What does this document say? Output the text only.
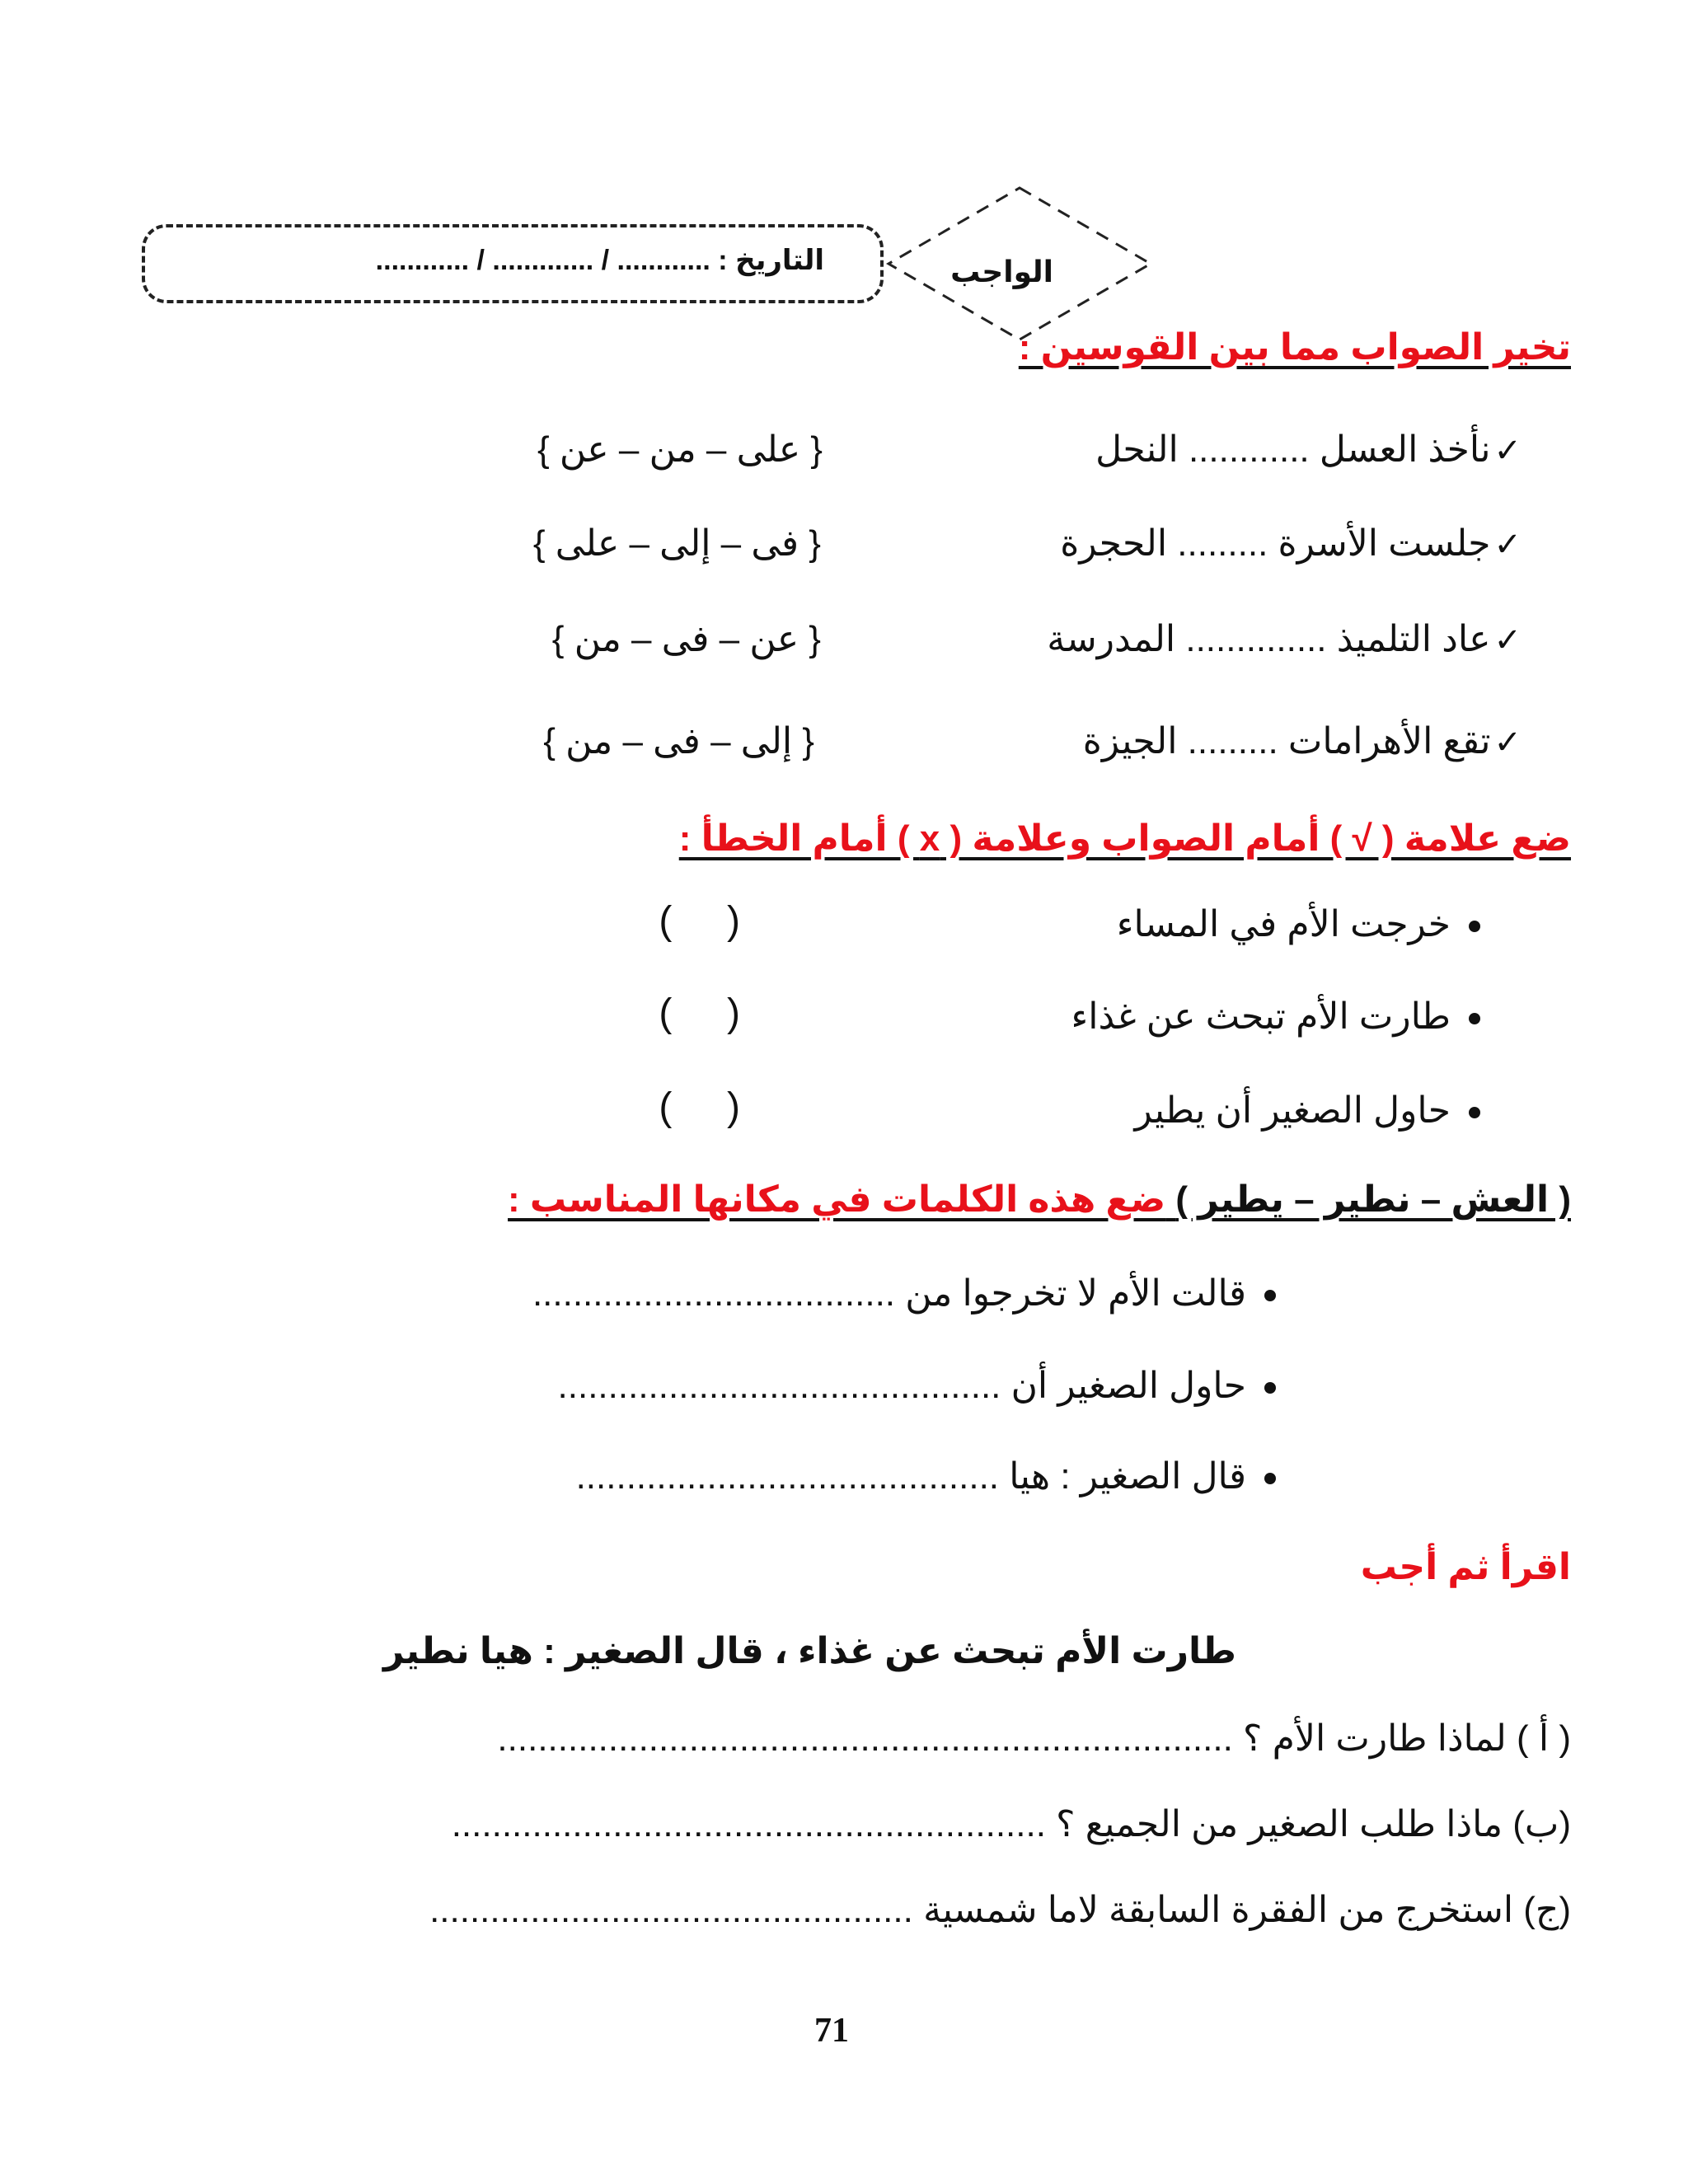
التاريخ : ............ / ............. / ............	الواجب
تخير الصواب مما بين القوسين :
✓نأخذ العسل ............ النحل
{ على – من – عن }
✓جلست الأسرة ......... الحجرة
{ فى – إلى – على }
✓عاد التلميذ .............. المدرسة
{ عن – فى – من }
✓تقع الأهرامات ......... الجيزة
{ إلى – فى – من }
ضع علامة ( √ ) أمام الصواب وعلامة ( x ) أمام الخطأ :
خرجت الأم في المساء
(     )
طارت الأم تبحث عن غذاء
(     )
حاول الصغير أن يطير
(     )
( العش – نطير – يطير ) ضع هذه الكلمات في مكانها المناسب :
قالت الأم لا تخرجوا من ....................................
حاول الصغير أن ............................................
قال الصغير : هيا ..........................................
اقرأ ثم أجب
طارت الأم تبحث عن غذاء ، قال الصغير : هيا نطير
( أ ) لماذا طارت الأم ؟ .........................................................................
(ب) ماذا طلب الصغير من الجميع ؟ ...........................................................
(ج) استخرج من الفقرة السابقة لاما شمسية ................................................
71
